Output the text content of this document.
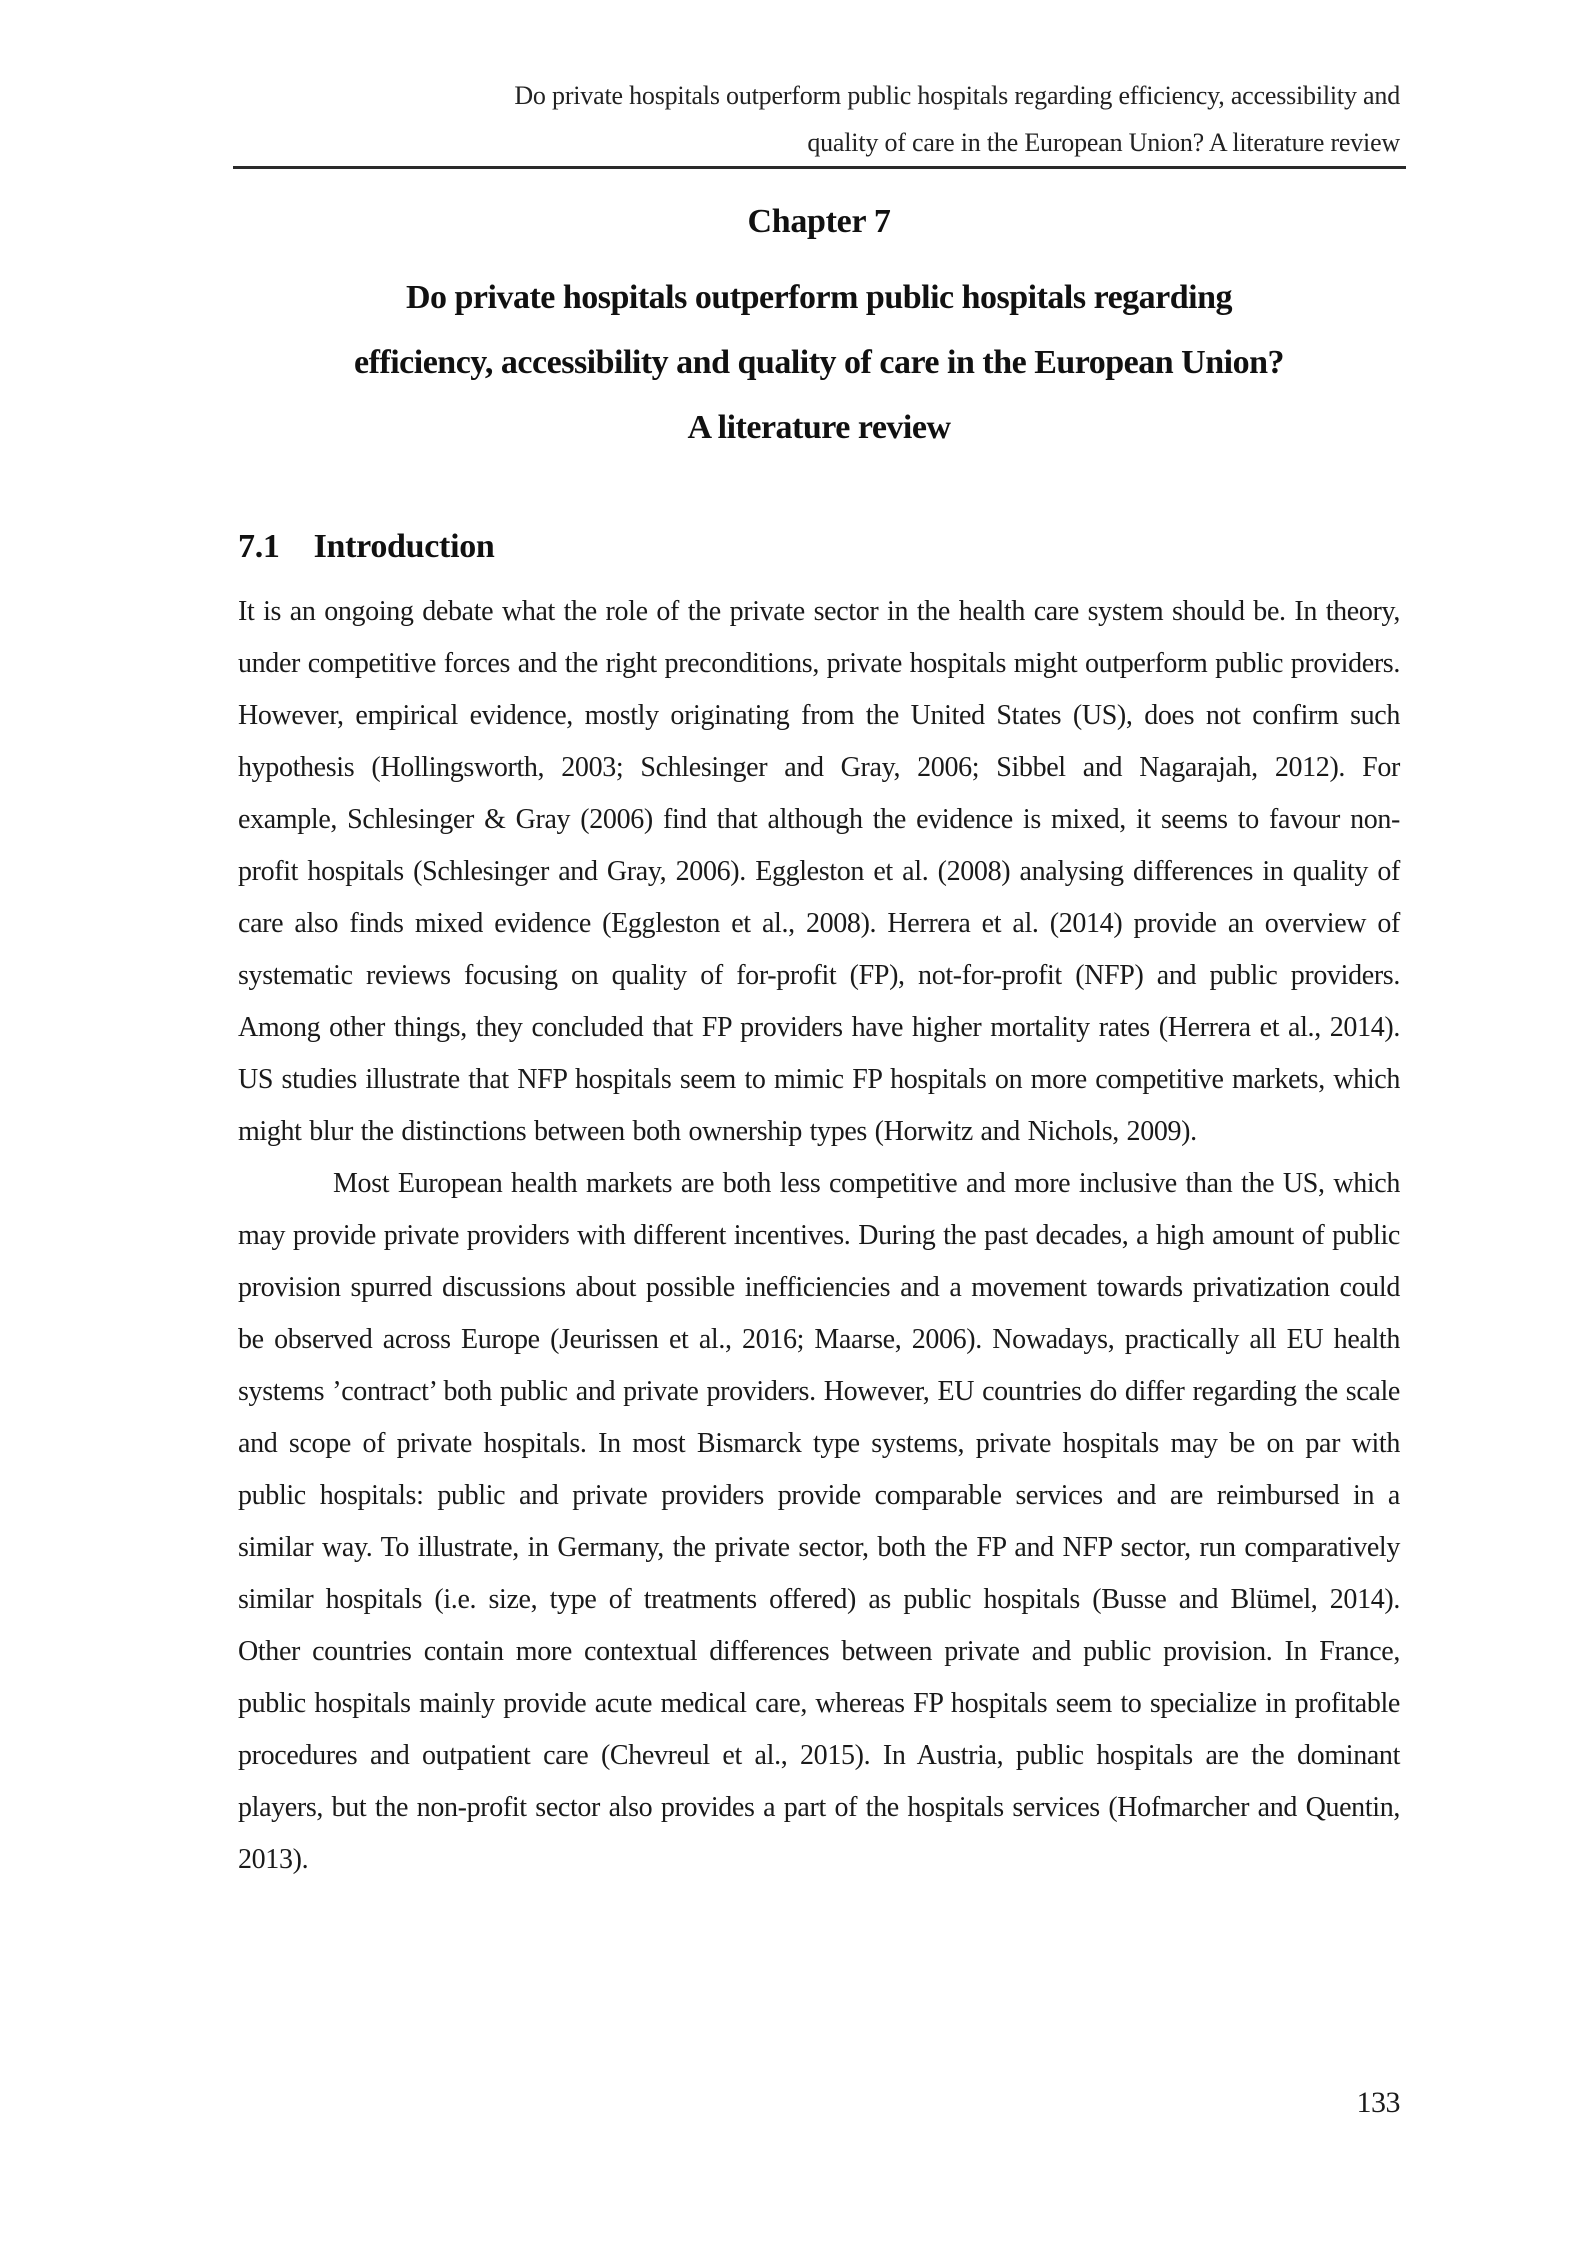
Do private hospitals outperform public hospitals regarding efficiency, accessibility and
quality of care in the European Union? A literature review
Chapter 7
Do private hospitals outperform public hospitals regarding
efficiency, accessibility and quality of care in the European Union?
A literature review
7.1 Introduction

It is an ongoing debate what the role of the private sector in the health care system should be. In theory, under competitive forces and the right preconditions, private hospitals might outperform public providers. However, empirical evidence, mostly originating from the United States (US), does not confirm such hypothesis (Hollingsworth, 2003; Schlesinger and Gray, 2006; Sibbel and Nagarajah, 2012). For example, Schlesinger & Gray (2006) find that although the evidence is mixed, it seems to favour non-profit hospitals (Schlesinger and Gray, 2006). Eggleston et al. (2008) analysing differences in quality of care also finds mixed evidence (Eggleston et al., 2008). Herrera et al. (2014) provide an overview of systematic reviews focusing on quality of for-profit (FP), not-for-profit (NFP) and public providers. Among other things, they concluded that FP providers have higher mortality rates (Herrera et al., 2014). US studies illustrate that NFP hospitals seem to mimic FP hospitals on more competitive markets, which might blur the distinctions between both ownership types (Horwitz and Nichols, 2009).

Most European health markets are both less competitive and more inclusive than the US, which may provide private providers with different incentives. During the past decades, a high amount of public provision spurred discussions about possible inefficiencies and a movement towards privatization could be observed across Europe (Jeurissen et al., 2016; Maarse, 2006). Nowadays, practically all EU health systems ’contract’ both public and private providers. However, EU countries do differ regarding the scale and scope of private hospitals. In most Bismarck type systems, private hospitals may be on par with public hospitals: public and private providers provide comparable services and are reimbursed in a similar way. To illustrate, in Germany, the private sector, both the FP and NFP sector, run comparatively similar hospitals (i.e. size, type of treatments offered) as public hospitals (Busse and Blümel, 2014). Other countries contain more contextual differences between private and public provision. In France, public hospitals mainly provide acute medical care, whereas FP hospitals seem to specialize in profitable procedures and outpatient care (Chevreul et al., 2015). In Austria, public hospitals are the dominant players, but the non-profit sector also provides a part of the hospitals services (Hofmarcher and Quentin, 2013).

133
